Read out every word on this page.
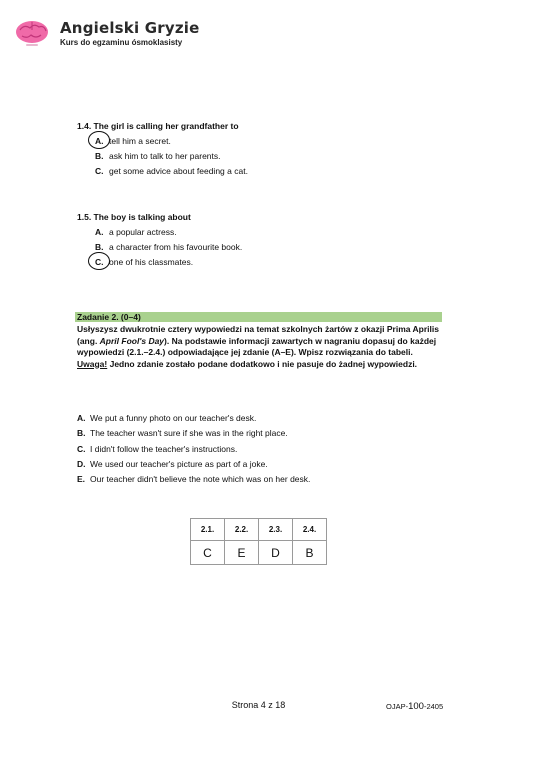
Angielski Gryzie
Kurs do egzaminu ósmoklasisty
1.4. The girl is calling her grandfather to
A. tell him a secret.
B. ask him to talk to her parents.
C. get some advice about feeding a cat.
1.5. The boy is talking about
A. a popular actress.
B. a character from his favourite book.
C. one of his classmates.
Zadanie 2. (0–4)
Usłyszysz dwukrotnie cztery wypowiedzi na temat szkolnych żartów z okazji Prima Aprilis (ang. April Fool's Day). Na podstawie informacji zawartych w nagraniu dopasuj do każdej wypowiedzi (2.1.–2.4.) odpowiadające jej zdanie (A–E). Wpisz rozwiązania do tabeli.
Uwaga! Jedno zdanie zostało podane dodatkowo i nie pasuje do żadnej wypowiedzi.
A. We put a funny photo on our teacher's desk.
B. The teacher wasn't sure if she was in the right place.
C. I didn't follow the teacher's instructions.
D. We used our teacher's picture as part of a joke.
E. Our teacher didn't believe the note which was on her desk.
2.1.	2.2.	2.3.	2.4.
C	E	D	B
Strona 4 z 18	OJAP-100-2405
